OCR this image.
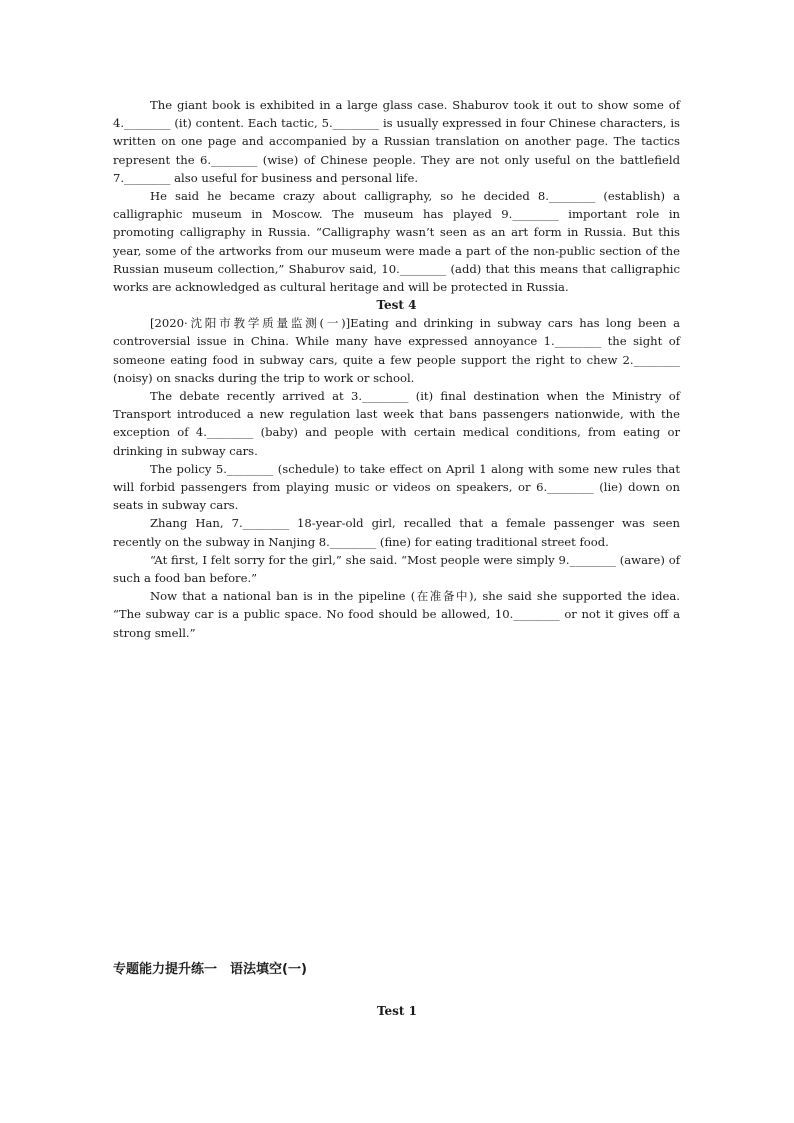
The giant book is exhibited in a large glass case. Shaburov took it out to show some of 4.________ (it) content. Each tactic, 5.________ is usually expressed in four Chinese characters, is written on one page and accompanied by a Russian translation on another page. The tactics represent the 6.________ (wise) of Chinese people. They are not only useful on the battlefield 7.________ also useful for business and personal life.

He said he became crazy about calligraphy, so he decided 8.________ (establish) a calligraphic museum in Moscow. The museum has played 9.________ important role in promoting calligraphy in Russia. “Calligraphy wasn’t seen as an art form in Russia. But this year, some of the artworks from our museum were made a part of the non-public section of the Russian museum collection,” Shaburov said, 10.________ (add) that this means that calligraphic works are acknowledged as cultural heritage and will be protected in Russia.

Test 4

[2020·沈阳市教学质量监测(一)]Eating and drinking in subway cars has long been a controversial issue in China. While many have expressed annoyance 1.________ the sight of someone eating food in subway cars, quite a few people support the right to chew 2.________ (noisy) on snacks during the trip to work or school.

The debate recently arrived at 3.________ (it) final destination when the Ministry of Transport introduced a new regulation last week that bans passengers nationwide, with the exception of 4.________ (baby) and people with certain medical conditions, from eating or drinking in subway cars.

The policy 5.________ (schedule) to take effect on April 1 along with some new rules that will forbid passengers from playing music or videos on speakers, or 6.________ (lie) down on seats in subway cars.

Zhang Han, 7.________ 18-year-old girl, recalled that a female passenger was seen recently on the subway in Nanjing 8.________ (fine) for eating traditional street food.

“At first, I felt sorry for the girl,” she said. “Most people were simply 9.________ (aware) of such a food ban before.”

Now that a national ban is in the pipeline (在准备中), she said she supported the idea. “The subway car is a public space. No food should be allowed, 10.________ or not it gives off a strong smell.”

专题能力提升练一　语法填空(一)
Test 1
